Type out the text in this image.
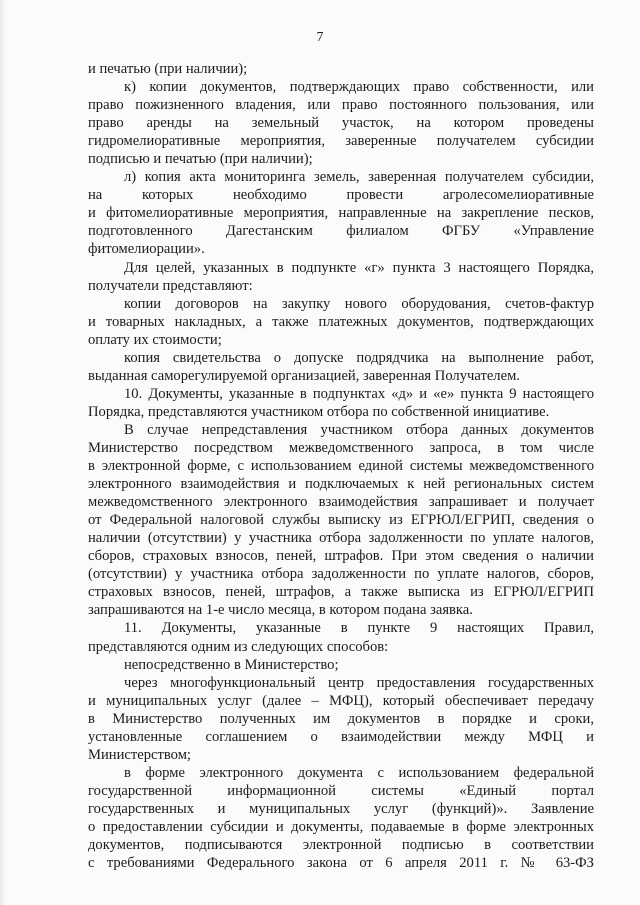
7
и печатью (при наличии);
к) копии документов, подтверждающих право собственности, или
право пожизненного владения, или право постоянного пользования, или
право аренды на земельный участок, на котором проведены
гидромелиоративные мероприятия, заверенные получателем субсидии
подписью и печатью (при наличии);
л) копия акта мониторинга земель, заверенная получателем субсидии,
на которых необходимо провести агролесомелиоративные
и фитомелиоративные мероприятия, направленные на закрепление песков,
подготовленного Дагестанским филиалом ФГБУ «Управление
фитомелиорации».
Для целей, указанных в подпункте «г» пункта 3 настоящего Порядка,
получатели представляют:
копии договоров на закупку нового оборудования, счетов-фактур
и товарных накладных, а также платежных документов, подтверждающих
оплату их стоимости;
копия свидетельства о допуске подрядчика на выполнение работ,
выданная саморегулируемой организацией, заверенная Получателем.
10. Документы, указанные в подпунктах «д» и «е» пункта 9 настоящего
Порядка, представляются участником отбора по собственной инициативе.
В случае непредставления участником отбора данных документов
Министерство посредством межведомственного запроса, в том числе
в электронной форме, с использованием единой системы межведомственного
электронного взаимодействия и подключаемых к ней региональных систем
межведомственного электронного взаимодействия запрашивает и получает
от Федеральной налоговой службы выписку из ЕГРЮЛ/ЕГРИП, сведения о
наличии (отсутствии) у участника отбора задолженности по уплате налогов,
сборов, страховых взносов, пеней, штрафов. При этом сведения о наличии
(отсутствии) у участника отбора задолженности по уплате налогов, сборов,
страховых взносов, пеней, штрафов, а также выписка из ЕГРЮЛ/ЕГРИП
запрашиваются на 1-е число месяца, в котором подана заявка.
11. Документы, указанные в пункте 9 настоящих Правил,
представляются одним из следующих способов:
непосредственно в Министерство;
через многофункциональный центр предоставления государственных
и муниципальных услуг (далее – МФЦ), который обеспечивает передачу
в Министерство полученных им документов в порядке и сроки,
установленные соглашением о взаимодействии между МФЦ и
Министерством;
в форме электронного документа с использованием федеральной
государственной информационной системы «Единый портал
государственных и муниципальных услуг (функций)». Заявление
о предоставлении субсидии и документы, подаваемые в форме электронных
документов, подписываются электронной подписью в соответствии
с требованиями Федерального закона от 6 апреля 2011 г. № 63-ФЗ
